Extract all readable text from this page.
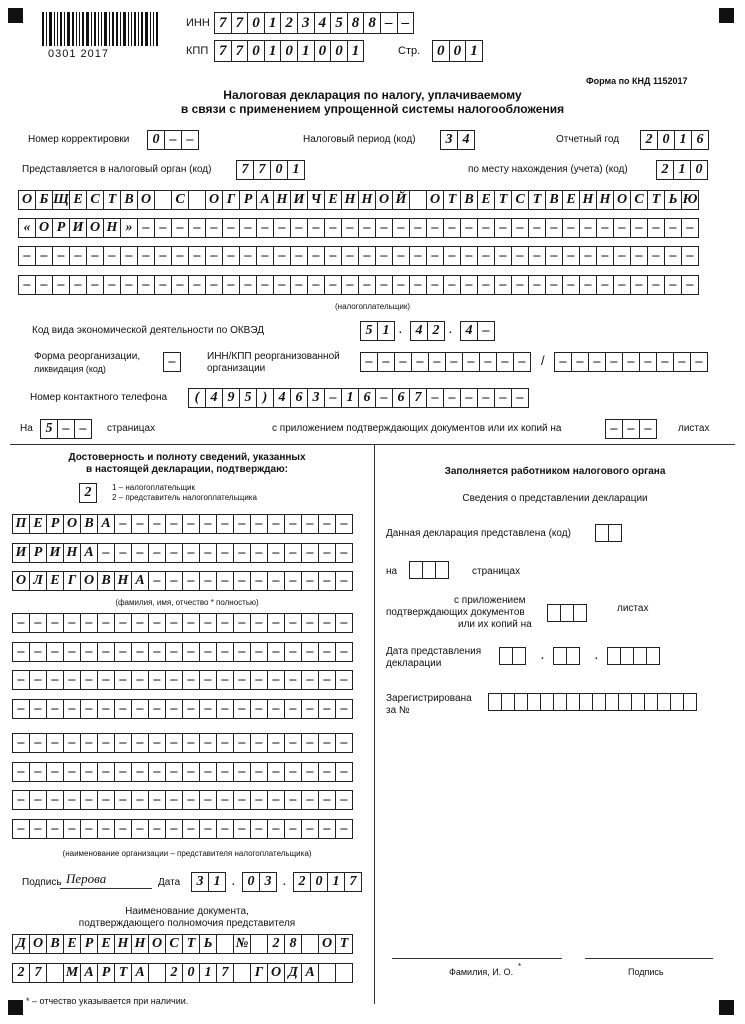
0301 2017
ИНН 7 7 0 1 2 3 4 5 8 8 – –
КПП 7 7 0 1 0 1 0 0 1	Стр.	0 0 1
Форма по КНД 1152017
Налоговая декларация по налогу, уплачиваемому
в связи с применением упрощенной системы налогообложения
Номер корректировки	0 – –	Налоговый период (код)	3 4	Отчетный год	2 0 1 6
Представляется в налоговый орган (код)	7 7 0 1	по месту нахождения (учета) (код)	2 1 0
О Б Щ Е С Т В О	С	О Г Р А Н И Ч Е Н Н О Й О Т В Е Т С Т В Е Н Н О С Т Ь Ю
« О Р И О Н » – – – – – – – – – – – – – – – – – – – – – – – – – – – – – – – – –
– – – – – – – – – – – – – – – – – – – – – – – – – – – – – – – – – – – – – – – –
– – – – – – – – – – – – – – – – – – – – – – – – – – – – – – – – – – – – – – – –
(налогоплательщик)
Код вида экономической деятельности по ОКВЭД	5 1 . 4 2 . 4 –
Форма реорганизации,
ликвидация (код)	–	ИНН/КПП реорганизованной
организации	– – – – – – – – – –	/	– – – – – – – – –
Номер контактного телефона	( 4 9 5 ) 4 6 3 – 1 6 – 6 7 – – – – – –
На 5 – –	страницах	с приложением подтверждающих документов или их копий на	– – –	листах
Достоверность и полноту сведений, указанных
в настоящей декларации, подтверждаю:
2	1 – налогоплательщик
2 – представитель налогоплательщика
П Е Р О В А – – – – – – – – – – – – – –
И Р И Н А – – – – – – – – – – – – – – –
О Л Е Г О В Н А – – – – – – – – – – – –
(фамилия, имя, отчество * полностью)
– – – – – – – – – – – – – – – – – – – –
– – – – – – – – – – – – – – – – – – – –
– – – – – – – – – – – – – – – – – – – –
– – – – – – – – – – – – – – – – – – – –
– – – – – – – – – – – – – – – – – – – –
– – – – – – – – – – – – – – – – – – – –
– – – – – – – – – – – – – – – – – – – –
– – – – – – – – – – – – – – – – – – – –
(наименование организации – представителя налогоплательщика)
Подпись Перова	Дата	3 1	. 0 3	. 2 0 1 7
Наименование документа,
подтверждающего полномочия представителя
Д О В Е Р Е Н Н О С Т Ь	№	2 8	О Т
2 7	М А Р Т А	2 0 1 7	Г О Д А
* – отчество указывается при наличии.
Заполняется работником налогового органа
Сведения о представлении декларации
Данная декларация представлена (код)
на	страницах
с приложением
подтверждающих документов
или их копий на
листах
Дата представления
декларации
.	.
Зарегистрирована
за №
Фамилия, И. О.
*
Подпись
